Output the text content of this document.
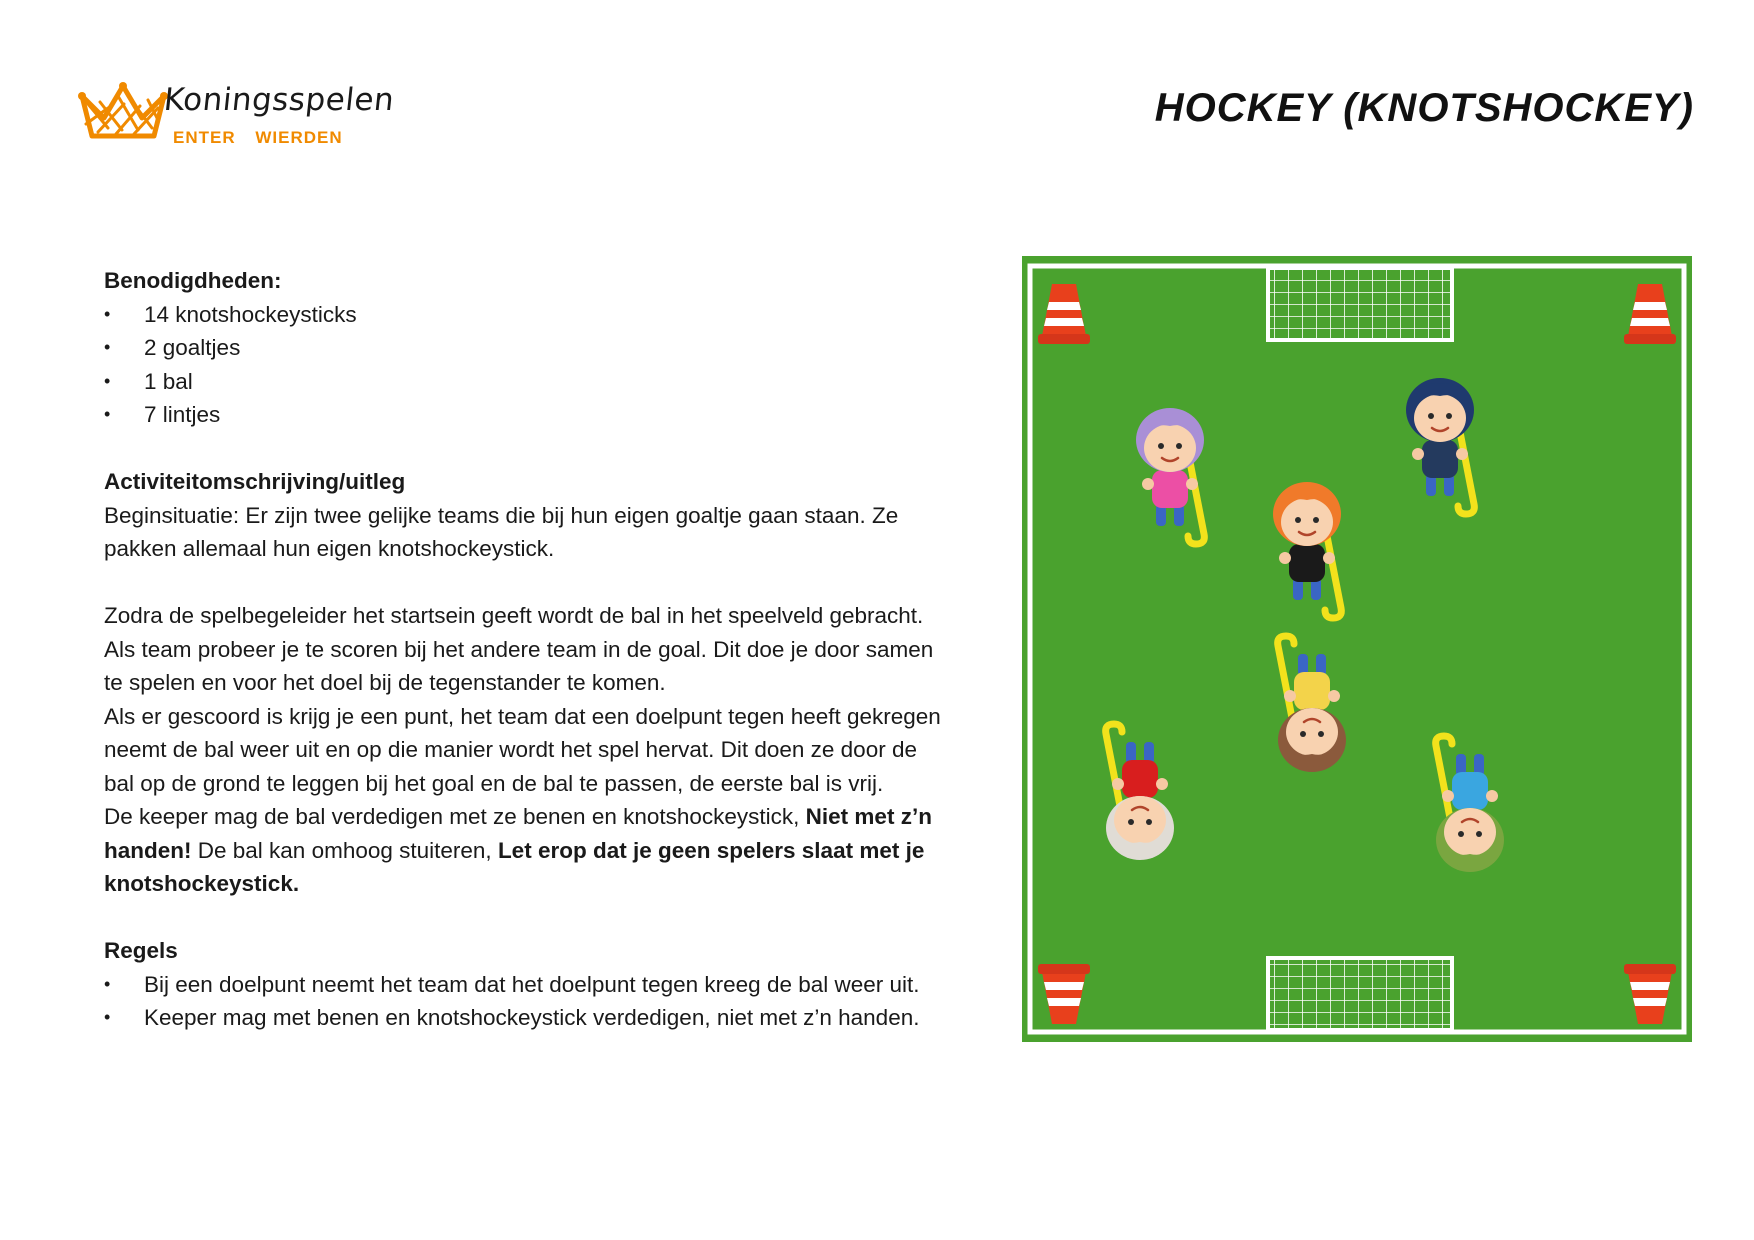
Koningsspelen
ENTER WIERDEN
HOCKEY (KNOTSHOCKEY)

Benodigdheden:

• 14 knotshockeysticks
• 2 goaltjes
• 1 bal
• 7 lintjes

Activiteitomschrijving/uitleg

Beginsituatie: Er zijn twee gelijke teams die bij hun eigen goaltje gaan staan. Ze

pakken allemaal hun eigen knotshockeystick.

Zodra de spelbegeleider het startsein geeft wordt de bal in het speelveld gebracht.

Als team probeer je te scoren bij het andere team in de goal. Dit doe je door samen

te spelen en voor het doel bij de tegenstander te komen.

Als er gescoord is krijg je een punt, het team dat een doelpunt tegen heeft gekregen

neemt de bal weer uit en op die manier wordt het spel hervat. Dit doen ze door de

bal op de grond te leggen bij het goal en de bal te passen, de eerste bal is vrij.

De keeper mag de bal verdedigen met ze benen en knotshockeystick, Niet met z’n

handen! De bal kan omhoog stuiteren, Let erop dat je geen spelers slaat met je

knotshockeystick.

Regels

• Bij een doelpunt neemt het team dat het doelpunt tegen kreeg de bal weer uit.
• Keeper mag met benen en knotshockeystick verdedigen, niet met z’n handen.
